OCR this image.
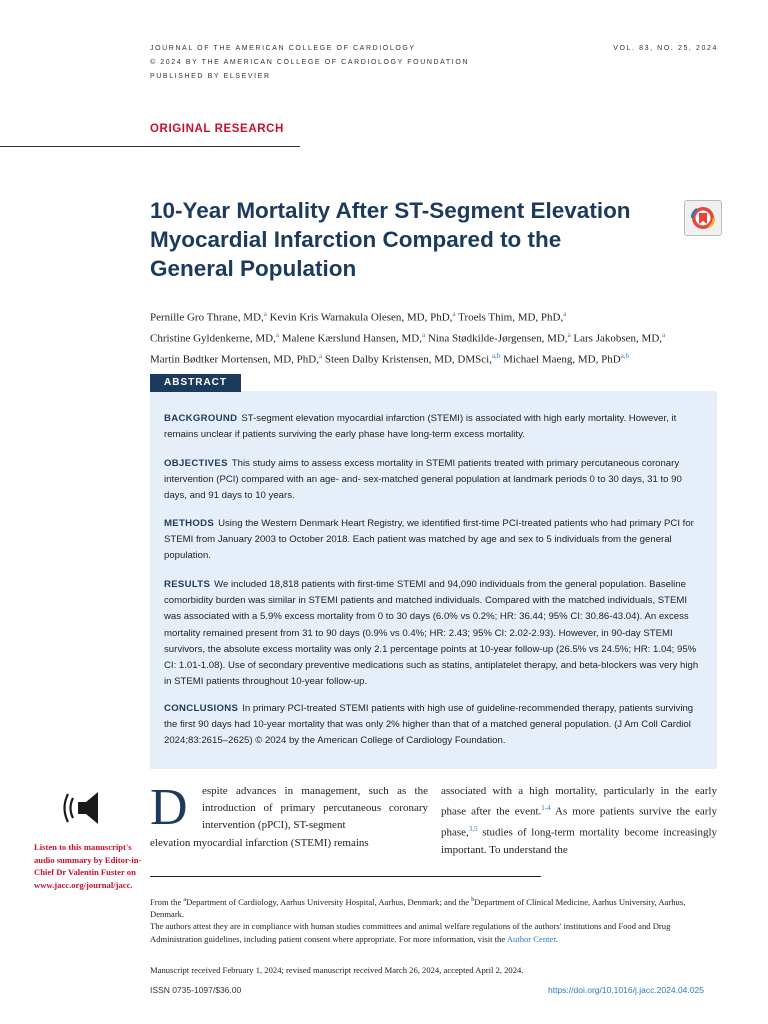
JOURNAL OF THE AMERICAN COLLEGE OF CARDIOLOGY
© 2024 BY THE AMERICAN COLLEGE OF CARDIOLOGY FOUNDATION
PUBLISHED BY ELSEVIER
VOL. 83, NO. 25, 2024
ORIGINAL RESEARCH
10-Year Mortality After ST-Segment Elevation Myocardial Infarction Compared to the General Population
Pernille Gro Thrane, MD,$^a$ Kevin Kris Warnakula Olesen, MD, PhD,$^a$ Troels Thim, MD, PhD,$^a$
Christine Gyldenkerne, MD,$^a$ Malene Kærslund Hansen, MD,$^a$ Nina Stødkilde-Jørgensen, MD,$^a$ Lars Jakobsen, MD,$^a$
Martin Bødtker Mortensen, MD, PhD,$^a$ Steen Dalby Kristensen, MD, DMSci,$^{a,b}$ Michael Maeng, MD, PhD$^{a,b}$
ABSTRACT

BACKGROUND ST-segment elevation myocardial infarction (STEMI) is associated with high early mortality. However, it remains unclear if patients surviving the early phase have long-term excess mortality.

OBJECTIVES This study aims to assess excess mortality in STEMI patients treated with primary percutaneous coronary intervention (PCI) compared with an age- and- sex-matched general population at landmark periods 0 to 30 days, 31 to 90 days, and 91 days to 10 years.

METHODS Using the Western Denmark Heart Registry, we identified first-time PCI-treated patients who had primary PCI for STEMI from January 2003 to October 2018. Each patient was matched by age and sex to 5 individuals from the general population.

RESULTS We included 18,818 patients with first-time STEMI and 94,090 individuals from the general population. Baseline comorbidity burden was similar in STEMI patients and matched individuals. Compared with the matched individuals, STEMI was associated with a 5.9% excess mortality from 0 to 30 days (6.0% vs 0.2%; HR: 36.44; 95% CI: 30.86-43.04). An excess mortality remained present from 31 to 90 days (0.9% vs 0.4%; HR: 2.43; 95% CI: 2.02-2.93). However, in 90-day STEMI survivors, the absolute excess mortality was only 2.1 percentage points at 10-year follow-up (26.5% vs 24.5%; HR: 1.04; 95% CI: 1.01-1.08). Use of secondary preventive medications such as statins, antiplatelet therapy, and beta-blockers was very high in STEMI patients throughout 10-year follow-up.

CONCLUSIONS In primary PCI-treated STEMI patients with high use of guideline-recommended therapy, patients surviving the first 90 days had 10-year mortality that was only 2% higher than that of a matched general population. (J Am Coll Cardiol 2024;83:2615–2625) © 2024 by the American College of Cardiology Foundation.

Listen to this manuscript's audio summary by Editor-in-Chief Dr Valentin Fuster on www.jacc.org/journal/jacc.
D	espite advances in management, such as the introduction of primary percutaneous coronary intervention (pPCI), ST-segment
elevation myocardial infarction (STEMI) remains
associated with a high mortality, particularly in the early phase after the event.$^{1-4}$ As more patients survive the early phase,$^{3,5}$ studies of long-term mortality become increasingly important. To understand the
From the $^a$Department of Cardiology, Aarhus University Hospital, Aarhus, Denmark; and the $^b$Department of Clinical Medicine, Aarhus University, Aarhus, Denmark.
The authors attest they are in compliance with human studies committees and animal welfare regulations of the authors' institutions and Food and Drug Administration guidelines, including patient consent where appropriate. For more information, visit the Author Center.
Manuscript received February 1, 2024; revised manuscript received March 26, 2024, accepted April 2, 2024.
ISSN 0735-1097/$36.00	https://doi.org/10.1016/j.jacc.2024.04.025
